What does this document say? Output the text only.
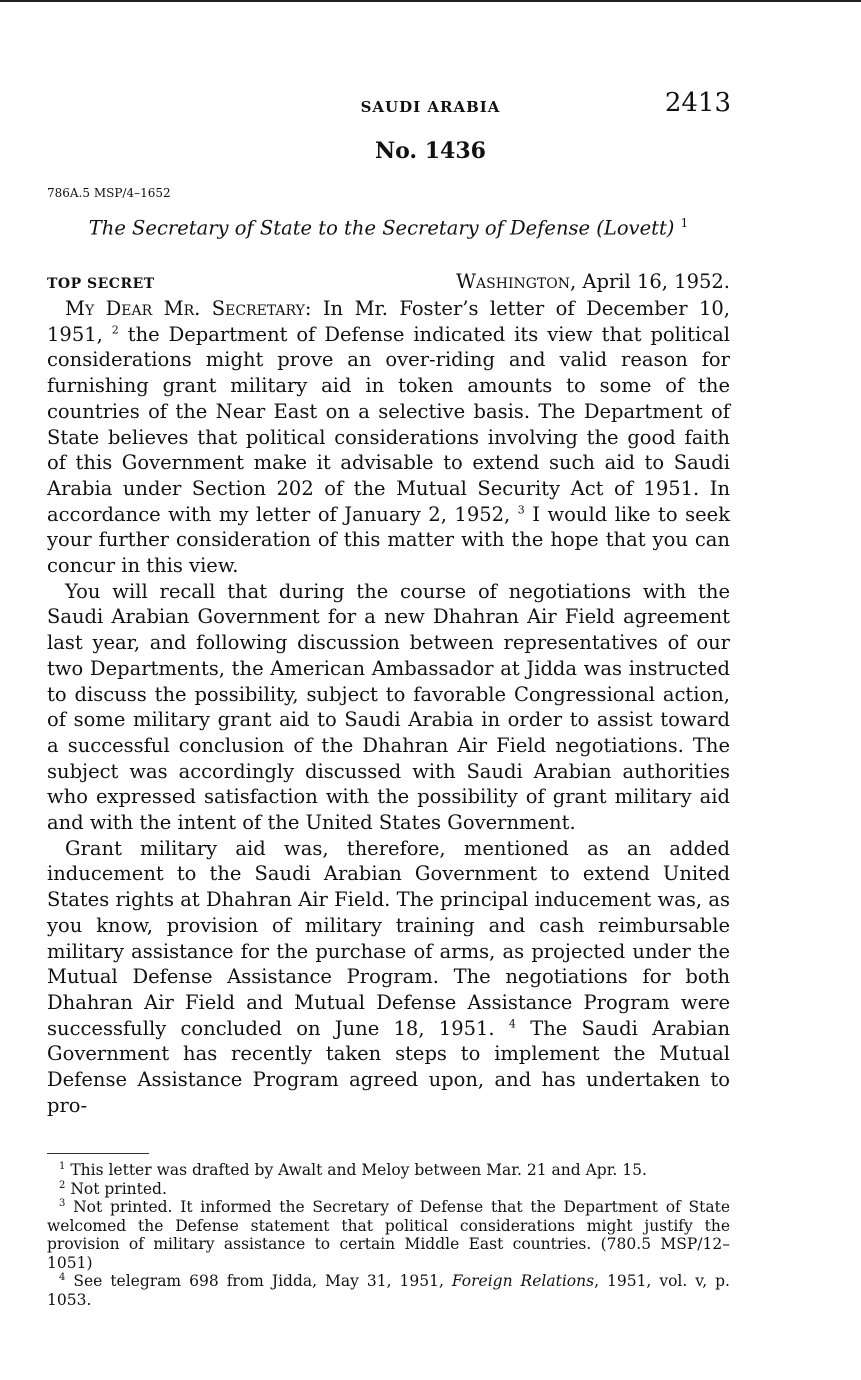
SAUDI ARABIA	2413
No. 1436
786A.5 MSP/4–1652
The Secretary of State to the Secretary of Defense (Lovett) $^1$
TOP SECRET	Washington, April 16, 1952.

My Dear Mr. Secretary: In Mr. Foster’s letter of December 10, 1951, $^2$ the Department of Defense indicated its view that political considerations might prove an over-riding and valid reason for furnishing grant military aid in token amounts to some of the countries of the Near East on a selective basis. The Department of State believes that political considerations involving the good faith of this Government make it advisable to extend such aid to Saudi Arabia under Section 202 of the Mutual Security Act of 1951. In accordance with my letter of January 2, 1952, $^3$ I would like to seek your further consideration of this matter with the hope that you can concur in this view.

You will recall that during the course of negotiations with the Saudi Arabian Government for a new Dhahran Air Field agreement last year, and following discussion between representatives of our two Departments, the American Ambassador at Jidda was instructed to discuss the possibility, subject to favorable Congressional action, of some military grant aid to Saudi Arabia in order to assist toward a successful conclusion of the Dhahran Air Field negotiations. The subject was accordingly discussed with Saudi Arabian authorities who expressed satisfaction with the possibility of grant military aid and with the intent of the United States Government.

Grant military aid was, therefore, mentioned as an added inducement to the Saudi Arabian Government to extend United States rights at Dhahran Air Field. The principal inducement was, as you know, provision of military training and cash reimbursable military assistance for the purchase of arms, as projected under the Mutual Defense Assistance Program. The negotiations for both Dhahran Air Field and Mutual Defense Assistance Program were successfully concluded on June 18, 1951. $^4$ The Saudi Arabian Government has recently taken steps to implement the Mutual Defense Assistance Program agreed upon, and has undertaken to pro-

$^1$ This letter was drafted by Awalt and Meloy between Mar. 21 and Apr. 15.

$^2$ Not printed.

$^3$ Not printed. It informed the Secretary of Defense that the Department of State welcomed the Defense statement that political considerations might justify the provision of military assistance to certain Middle East countries. (780.5 MSP/12–1051)

$^4$ See telegram 698 from Jidda, May 31, 1951, Foreign Relations, 1951, vol. v, p. 1053.
